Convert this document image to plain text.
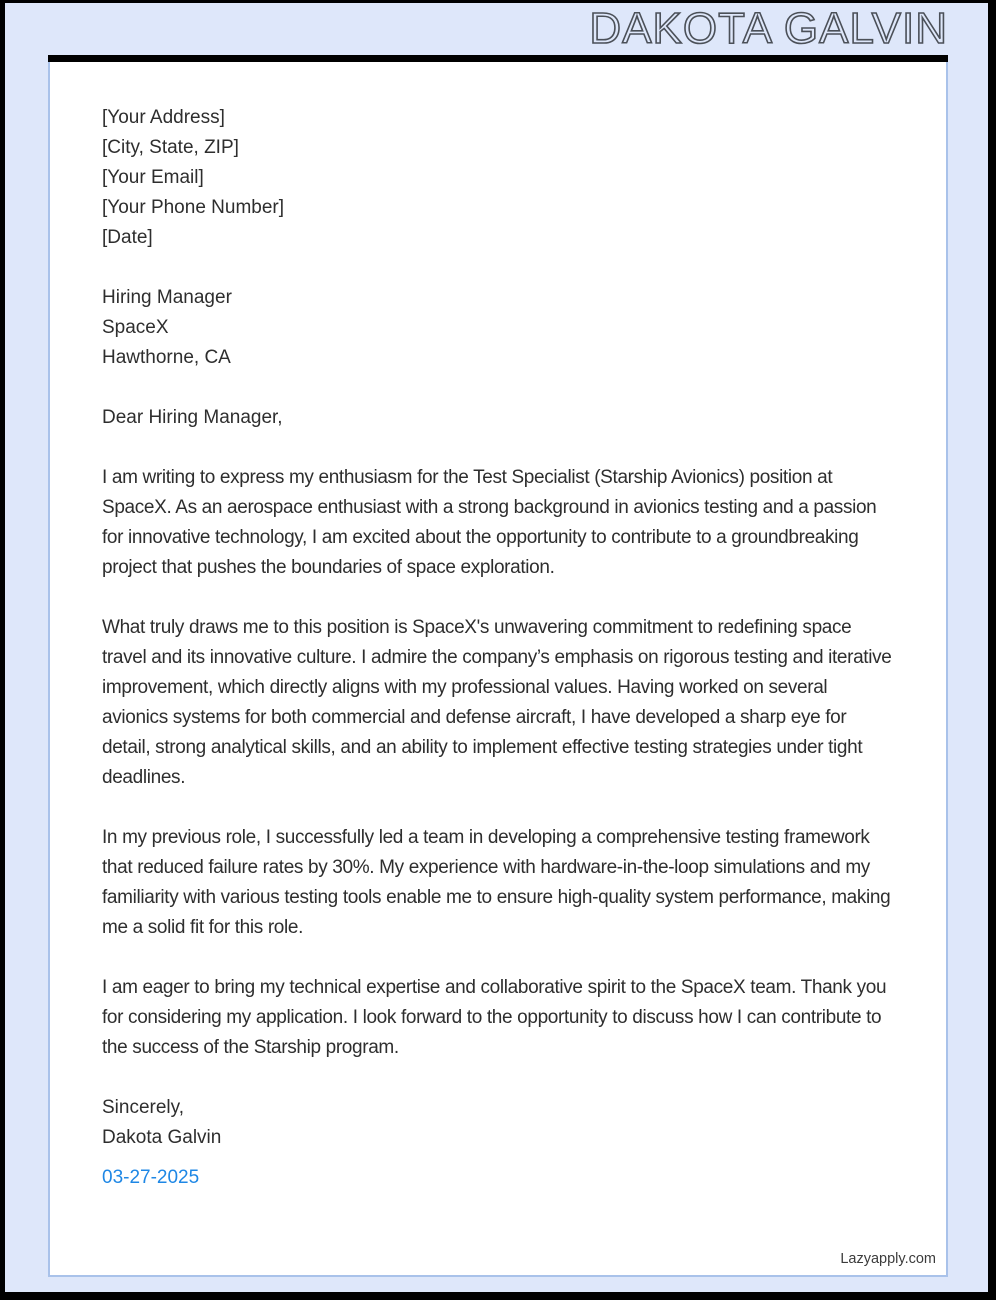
DAKOTA GALVIN
[Your Address]
[City, State, ZIP]
[Your Email]
[Your Phone Number]
[Date]
Hiring Manager
SpaceX
Hawthorne, CA
Dear Hiring Manager,

I am writing to express my enthusiasm for the Test Specialist (Starship Avionics) position at SpaceX. As an aerospace enthusiast with a strong background in avionics testing and a passion for innovative technology, I am excited about the opportunity to contribute to a groundbreaking project that pushes the boundaries of space exploration.

What truly draws me to this position is SpaceX's unwavering commitment to redefining space travel and its innovative culture. I admire the company’s emphasis on rigorous testing and iterative improvement, which directly aligns with my professional values. Having worked on several avionics systems for both commercial and defense aircraft, I have developed a sharp eye for detail, strong analytical skills, and an ability to implement effective testing strategies under tight deadlines.

In my previous role, I successfully led a team in developing a comprehensive testing framework that reduced failure rates by 30%. My experience with hardware-in-the-loop simulations and my familiarity with various testing tools enable me to ensure high-quality system performance, making me a solid fit for this role.

I am eager to bring my technical expertise and collaborative spirit to the SpaceX team. Thank you for considering my application. I look forward to the opportunity to discuss how I can contribute to the success of the Starship program.

Sincerely,
Dakota Galvin
03-27-2025
Lazyapply.com
